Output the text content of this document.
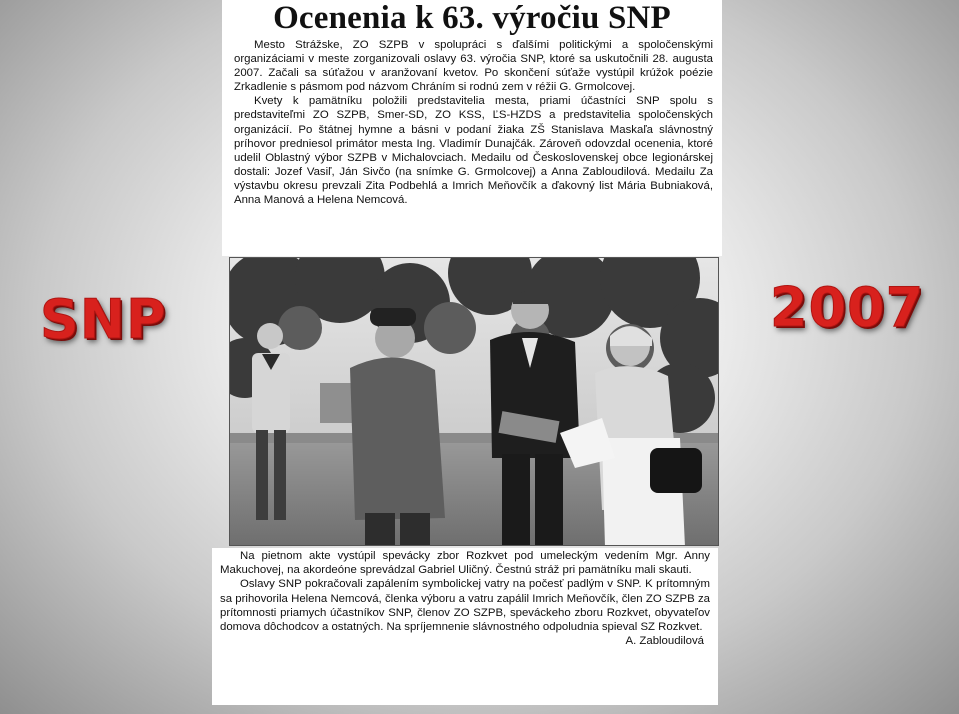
SNP	2007
Ocenenia k 63. výročiu SNP

Mesto Strážske, ZO SZPB v spolupráci s ďalšími politickými a spoločenskými organizáciami v meste zorganizovali oslavy 63. výročia SNP, ktoré sa uskutočnili 28. augusta 2007. Začali sa súťažou v aranžovaní kvetov. Po skončení súťaže vystúpil krúžok poézie Zrkadlenie s pásmom pod názvom Chráním si rodnú zem v réžii G. Grmolcovej.

Kvety k pamätníku položili predstavitelia mesta, priami účastníci SNP spolu s predstaviteľmi ZO SZPB, Smer-SD, ZO KSS, ĽS-HZDS a predstavitelia spoločenských organizácií. Po štátnej hymne a básni v podaní žiaka ZŠ Stanislava Maskaľa slávnostný príhovor predniesol primátor mesta Ing. Vladimír Dunajčák. Zároveň odovzdal ocenenia, ktoré udelil Oblastný výbor SZPB v Michalovciach. Medailu od Československej obce legionárskej dostali: Jozef Vasiľ, Ján Sivčo (na snímke G. Grmolcovej) a Anna Zabloudilová. Medailu Za výstavbu okresu prevzali Zita Podbehlá a Imrich Meňovčík a ďakovný list Mária Bubniaková, Anna Manová a Helena Nemcová.

Na pietnom akte vystúpil spevácky zbor Rozkvet pod umeleckým vedením Mgr. Anny Makuchovej, na akordeóne sprevádzal Gabriel Uličný. Čestnú stráž pri pamätníku mali skauti.

Oslavy SNP pokračovali zapálením symbolickej vatry na počesť padlým v SNP. K prítomným sa prihovorila Helena Nemcová, členka výboru a vatru zapálil Imrich Meňovčík, člen ZO SZPB za prítomnosti priamych účastníkov SNP, členov ZO SZPB, speváckeho zboru Rozkvet, obyvateľov domova dôchodcov a ostatných. Na spríjemnenie slávnostného odpoludnia spieval SZ Rozkvet.

A. Zabloudilová
